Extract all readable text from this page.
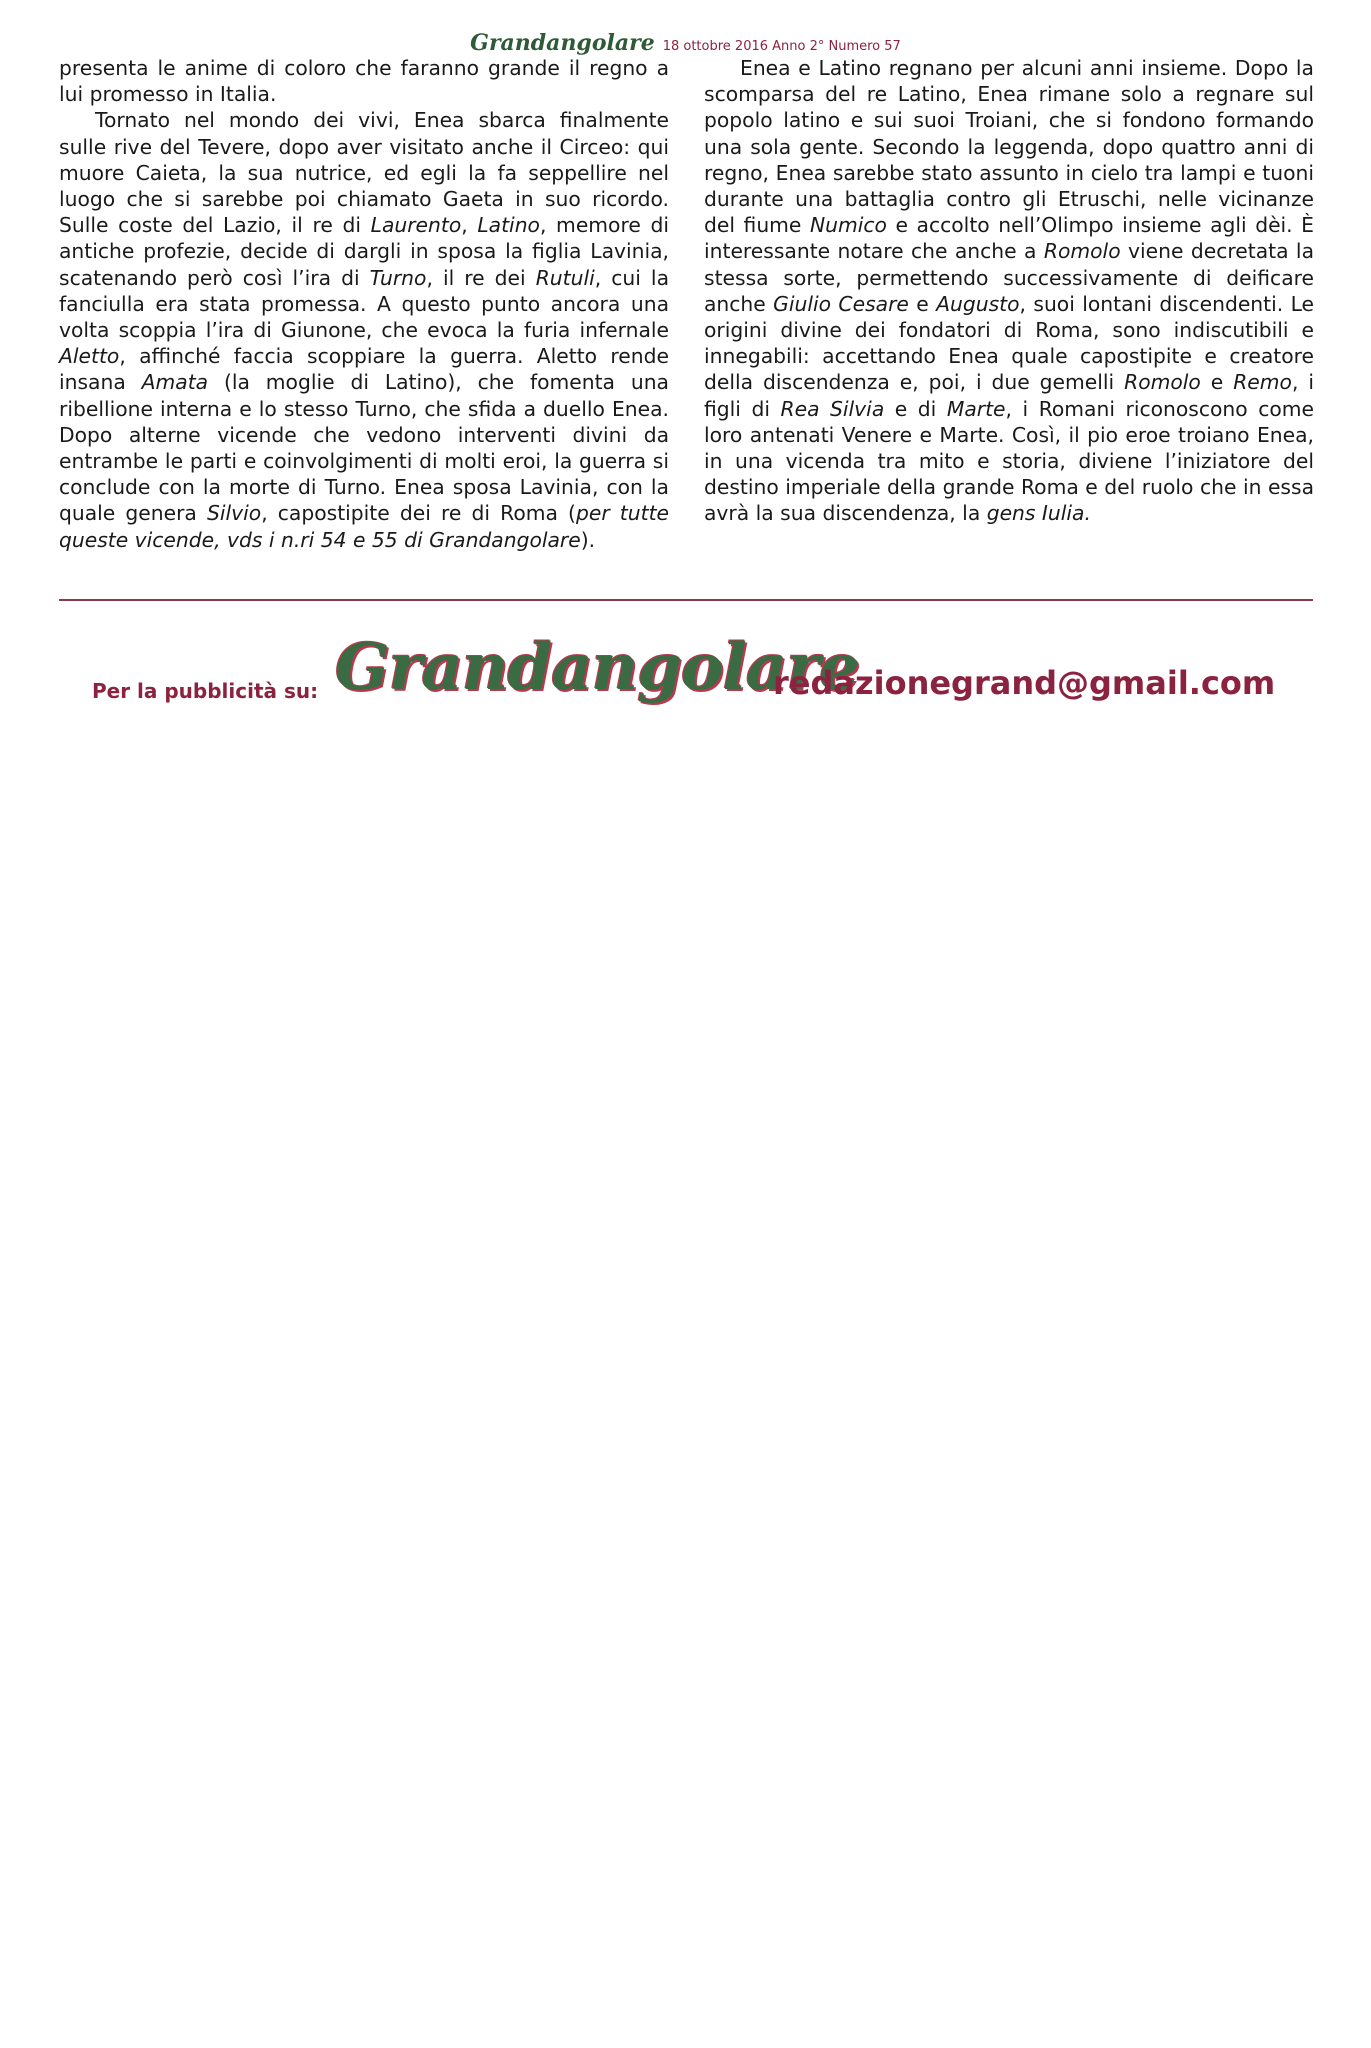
Grandangolare 18 ottobre 2016 Anno 2° Numero 57

presenta le anime di coloro che faranno grande il regno a lui promesso in Italia.

Tornato nel mondo dei vivi, Enea sbarca finalmente sulle rive del Tevere, dopo aver visitato anche il Circeo: qui muore Caieta, la sua nutrice, ed egli la fa seppellire nel luogo che si sarebbe poi chiamato Gaeta in suo ricordo. Sulle coste del Lazio, il re di Laurento, Latino, memore di antiche profezie, decide di dargli in sposa la figlia Lavinia, scatenando però così l’ira di Turno, il re dei Rutuli, cui la fanciulla era stata promessa. A questo punto ancora una volta scoppia l’ira di Giunone, che evoca la furia infernale Aletto, affinché faccia scoppiare la guerra. Aletto rende insana Amata (la moglie di Latino), che fomenta una ribellione interna e lo stesso Turno, che sfida a duello Enea. Dopo alterne vicende che vedono interventi divini da entrambe le parti e coinvolgimenti di molti eroi, la guerra si conclude con la morte di Turno. Enea sposa Lavinia, con la quale genera Silvio, capostipite dei re di Roma (per tutte queste vicende, vds i n.ri 54 e 55 di Grandangolare).

Enea e Latino regnano per alcuni anni insieme. Dopo la scomparsa del re Latino, Enea rimane solo a regnare sul popolo latino e sui suoi Troiani, che si fondono formando una sola gente. Secondo la leggenda, dopo quattro anni di regno, Enea sarebbe stato assunto in cielo tra lampi e tuoni durante una battaglia contro gli Etruschi, nelle vicinanze del fiume Numico e accolto nell’Olimpo insieme agli dèi. È interessante notare che anche a Romolo viene decretata la stessa sorte, permettendo successivamente di deificare anche Giulio Cesare e Augusto, suoi lontani discendenti. Le origini divine dei fondatori di Roma, sono indiscutibili e innegabili: accettando Enea quale capostipite e creatore della discendenza e, poi, i due gemelli Romolo e Remo, i figli di Rea Silvia e di Marte, i Romani riconoscono come loro antenati Venere e Marte. Così, il pio eroe troiano Enea, in una vicenda tra mito e storia, diviene l’iniziatore del destino imperiale della grande Roma e del ruolo che in essa avrà la sua discendenza, la gens Iulia.

Per la pubblicità su: Grandangolare
redazionegrand@gmail.com
